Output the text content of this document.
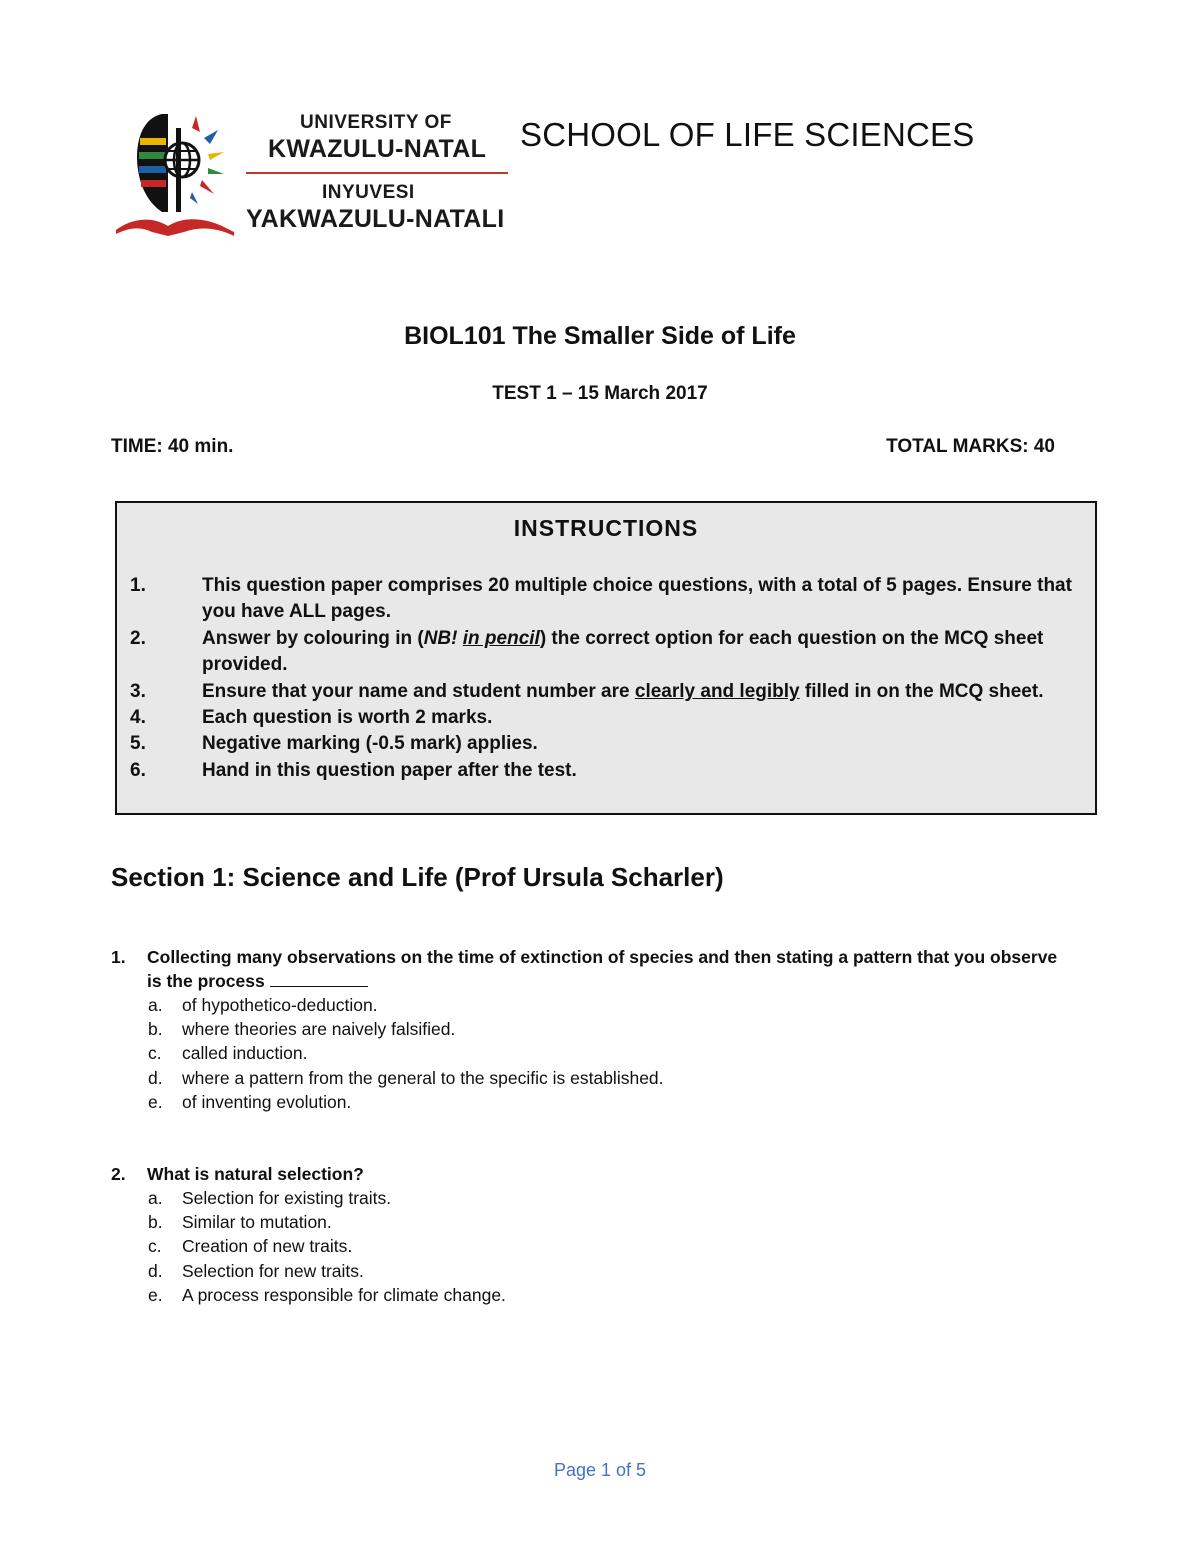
UNIVERSITY OF
KWAZULU-NATAL
INYUVESI
YAKWAZULU-NATALI
SCHOOL OF LIFE SCIENCES
BIOL101 The Smaller Side of Life
TEST 1 – 15 March 2017
TIME: 40 min.	TOTAL MARKS: 40
INSTRUCTIONS
1.	This question paper comprises 20 multiple choice questions, with a total of 5 pages. Ensure that you have ALL pages.
2.	Answer by colouring in (NB! in pencil) the correct option for each question on the MCQ sheet provided.
3.	Ensure that your name and student number are clearly and legibly filled in on the MCQ sheet.
4.	Each question is worth 2 marks.
5.	Negative marking (-0.5 mark) applies.
6.	Hand in this question paper after the test.
Section 1: Science and Life (Prof Ursula Scharler)
1. Collecting many observations on the time of extinction of species and then stating a pattern that you observe is the process
a. of hypothetico-deduction.
b. where theories are naively falsified.
c. called induction.
d. where a pattern from the general to the specific is established.
e. of inventing evolution.
2. What is natural selection?
a. Selection for existing traits.
b. Similar to mutation.
c. Creation of new traits.
d. Selection for new traits.
e. A process responsible for climate change.
Page 1 of 5
